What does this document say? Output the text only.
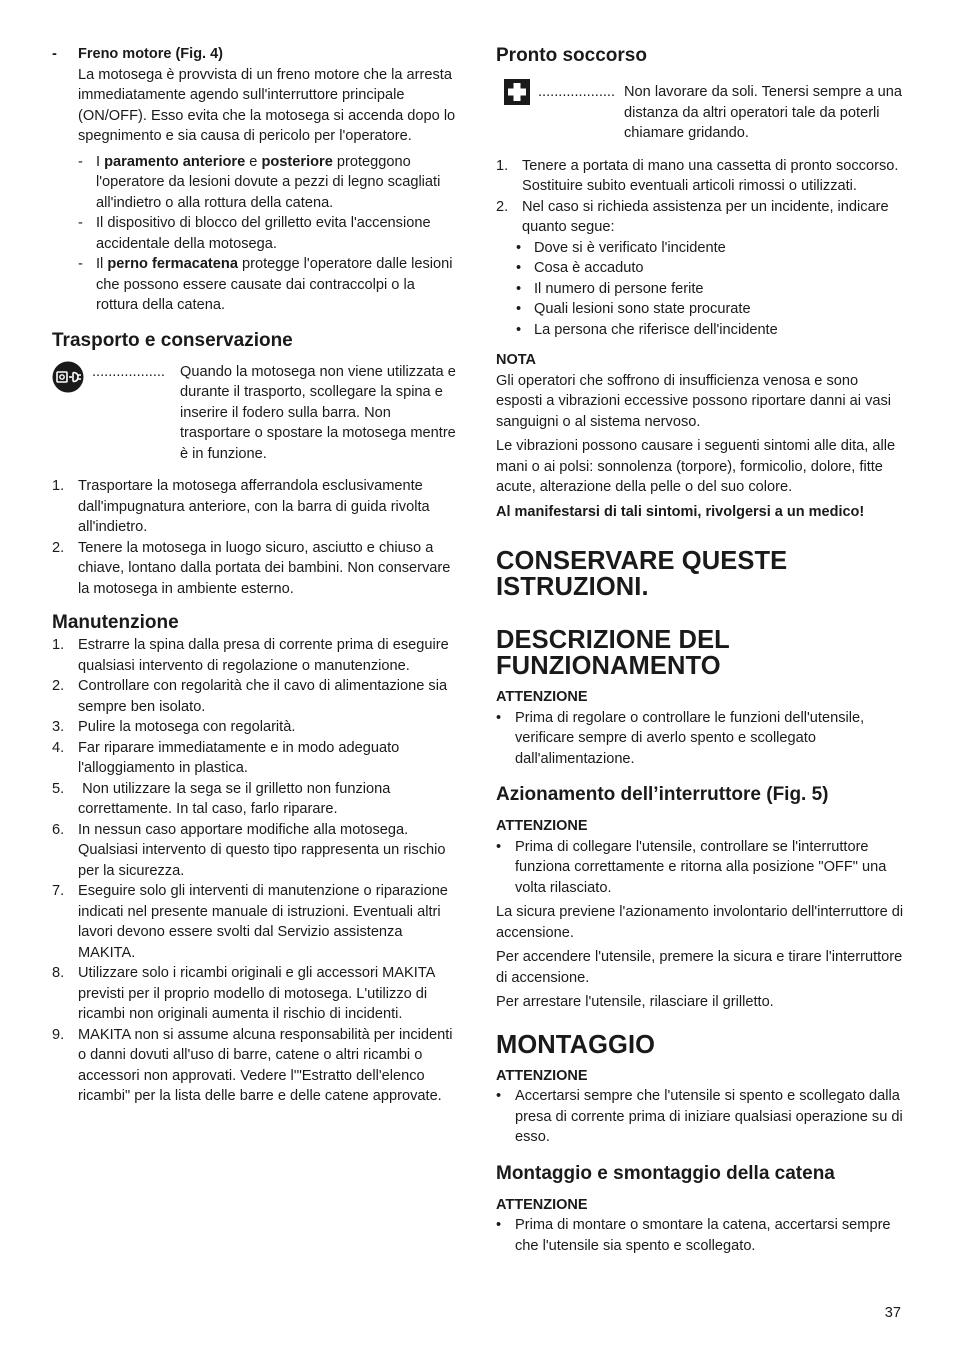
- Freno motore (Fig. 4)

La motosega è provvista di un freno motore che la arresta immediatamente agendo sull'interruttore principale (ON/OFF). Esso evita che la motosega si accenda dopo lo spegnimento e sia causa di pericolo per l'operatore.

- I paramento anteriore e posteriore proteggono l'operatore da lesioni dovute a pezzi di legno scagliati all'indietro o alla rottura della catena.

- Il dispositivo di blocco del grilletto evita l'accensione accidentale della motosega.

- Il perno fermacatena protegge l'operatore dalle lesioni che possono essere causate dai contraccolpi o la rottura della catena.

Trasporto e conservazione
.................. Quando la motosega non viene utilizzata e durante il trasporto, scollegare la spina e inserire il fodero sulla barra. Non trasportare o spostare la motosega mentre è in funzione.

1. Trasportare la motosega afferrandola esclusivamente dall'impugnatura anteriore, con la barra di guida rivolta all'indietro.

2. Tenere la motosega in luogo sicuro, asciutto e chiuso a chiave, lontano dalla portata dei bambini. Non conservare la motosega in ambiente esterno.

Manutenzione
1. Estrarre la spina dalla presa di corrente prima di eseguire qualsiasi intervento di regolazione o manutenzione.

2. Controllare con regolarità che il cavo di alimentazione sia sempre ben isolato.

3. Pulire la motosega con regolarità.

4. Far riparare immediatamente e in modo adeguato l'alloggiamento in plastica.

5. Non utilizzare la sega se il grilletto non funziona correttamente. In tal caso, farlo riparare.

6. In nessun caso apportare modifiche alla motosega. Qualsiasi intervento di questo tipo rappresenta un rischio per la sicurezza.

7. Eseguire solo gli interventi di manutenzione o riparazione indicati nel presente manuale di istruzioni. Eventuali altri lavori devono essere svolti dal Servizio assistenza MAKITA.

8. Utilizzare solo i ricambi originali e gli accessori MAKITA previsti per il proprio modello di motosega. L'utilizzo di ricambi non originali aumenta il rischio di incidenti.

9. MAKITA non si assume alcuna responsabilità per incidenti o danni dovuti all'uso di barre, catene o altri ricambi o accessori non approvati. Vedere l'"Estratto dell'elenco ricambi" per la lista delle barre e delle catene approvate.

Pronto soccorso
................... Non lavorare da soli. Tenersi sempre a una distanza da altri operatori tale da poterli chiamare gridando.

1. Tenere a portata di mano una cassetta di pronto soccorso. Sostituire subito eventuali articoli rimossi o utilizzati.

2. Nel caso si richieda assistenza per un incidente, indicare quanto segue:

• Dove si è verificato l'incidente

• Cosa è accaduto

• Il numero di persone ferite

• Quali lesioni sono state procurate

• La persona che riferisce dell'incidente

NOTA

Gli operatori che soffrono di insufficienza venosa e sono esposti a vibrazioni eccessive possono riportare danni ai vasi sanguigni o al sistema nervoso.

Le vibrazioni possono causare i seguenti sintomi alle dita, alle mani o ai polsi: sonnolenza (torpore), formicolio, dolore, fitte acute, alterazione della pelle o del suo colore.

Al manifestarsi di tali sintomi, rivolgersi a un medico!

CONSERVARE QUESTE ISTRUZIONI.
DESCRIZIONE DEL FUNZIONAMENTO

ATTENZIONE

• Prima di regolare o controllare le funzioni dell'utensile, verificare sempre di averlo spento e scollegato dall'alimentazione.

Azionamento dell’interruttore (Fig. 5)

ATTENZIONE

• Prima di collegare l'utensile, controllare se l'interruttore funziona correttamente e ritorna alla posizione "OFF" una volta rilasciato.

La sicura previene l'azionamento involontario dell'interruttore di accensione.

Per accendere l'utensile, premere la sicura e tirare l'interruttore di accensione.

Per arrestare l'utensile, rilasciare il grilletto.

MONTAGGIO

ATTENZIONE

• Accertarsi sempre che l'utensile si spento e scollegato dalla presa di corrente prima di iniziare qualsiasi operazione su di esso.

Montaggio e smontaggio della catena

ATTENZIONE

• Prima di montare o smontare la catena, accertarsi sempre che l'utensile sia spento e scollegato.

37
